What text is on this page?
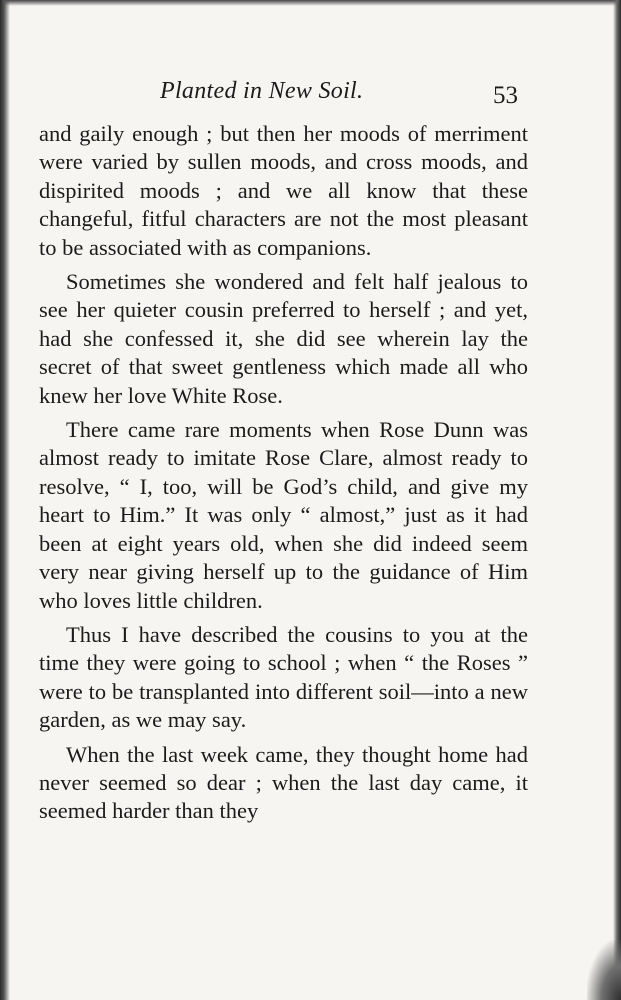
Planted in New Soil.	53

and gaily enough ; but then her moods of merriment were varied by sullen moods, and cross moods, and dispirited moods ; and we all know that these changeful, fitful characters are not the most pleasant to be associated with as companions.

Sometimes she wondered and felt half jealous to see her quieter cousin preferred to herself ; and yet, had she confessed it, she did see wherein lay the secret of that sweet gentleness which made all who knew her love White Rose.

There came rare moments when Rose Dunn was almost ready to imitate Rose Clare, almost ready to resolve, “ I, too, will be God’s child, and give my heart to Him.” It was only “ almost,” just as it had been at eight years old, when she did indeed seem very near giving herself up to the guidance of Him who loves little children.

Thus I have described the cousins to you at the time they were going to school ; when “ the Roses ” were to be transplanted into different soil—into a new garden, as we may say.

When the last week came, they thought home had never seemed so dear ; when the last day came, it seemed harder than they
